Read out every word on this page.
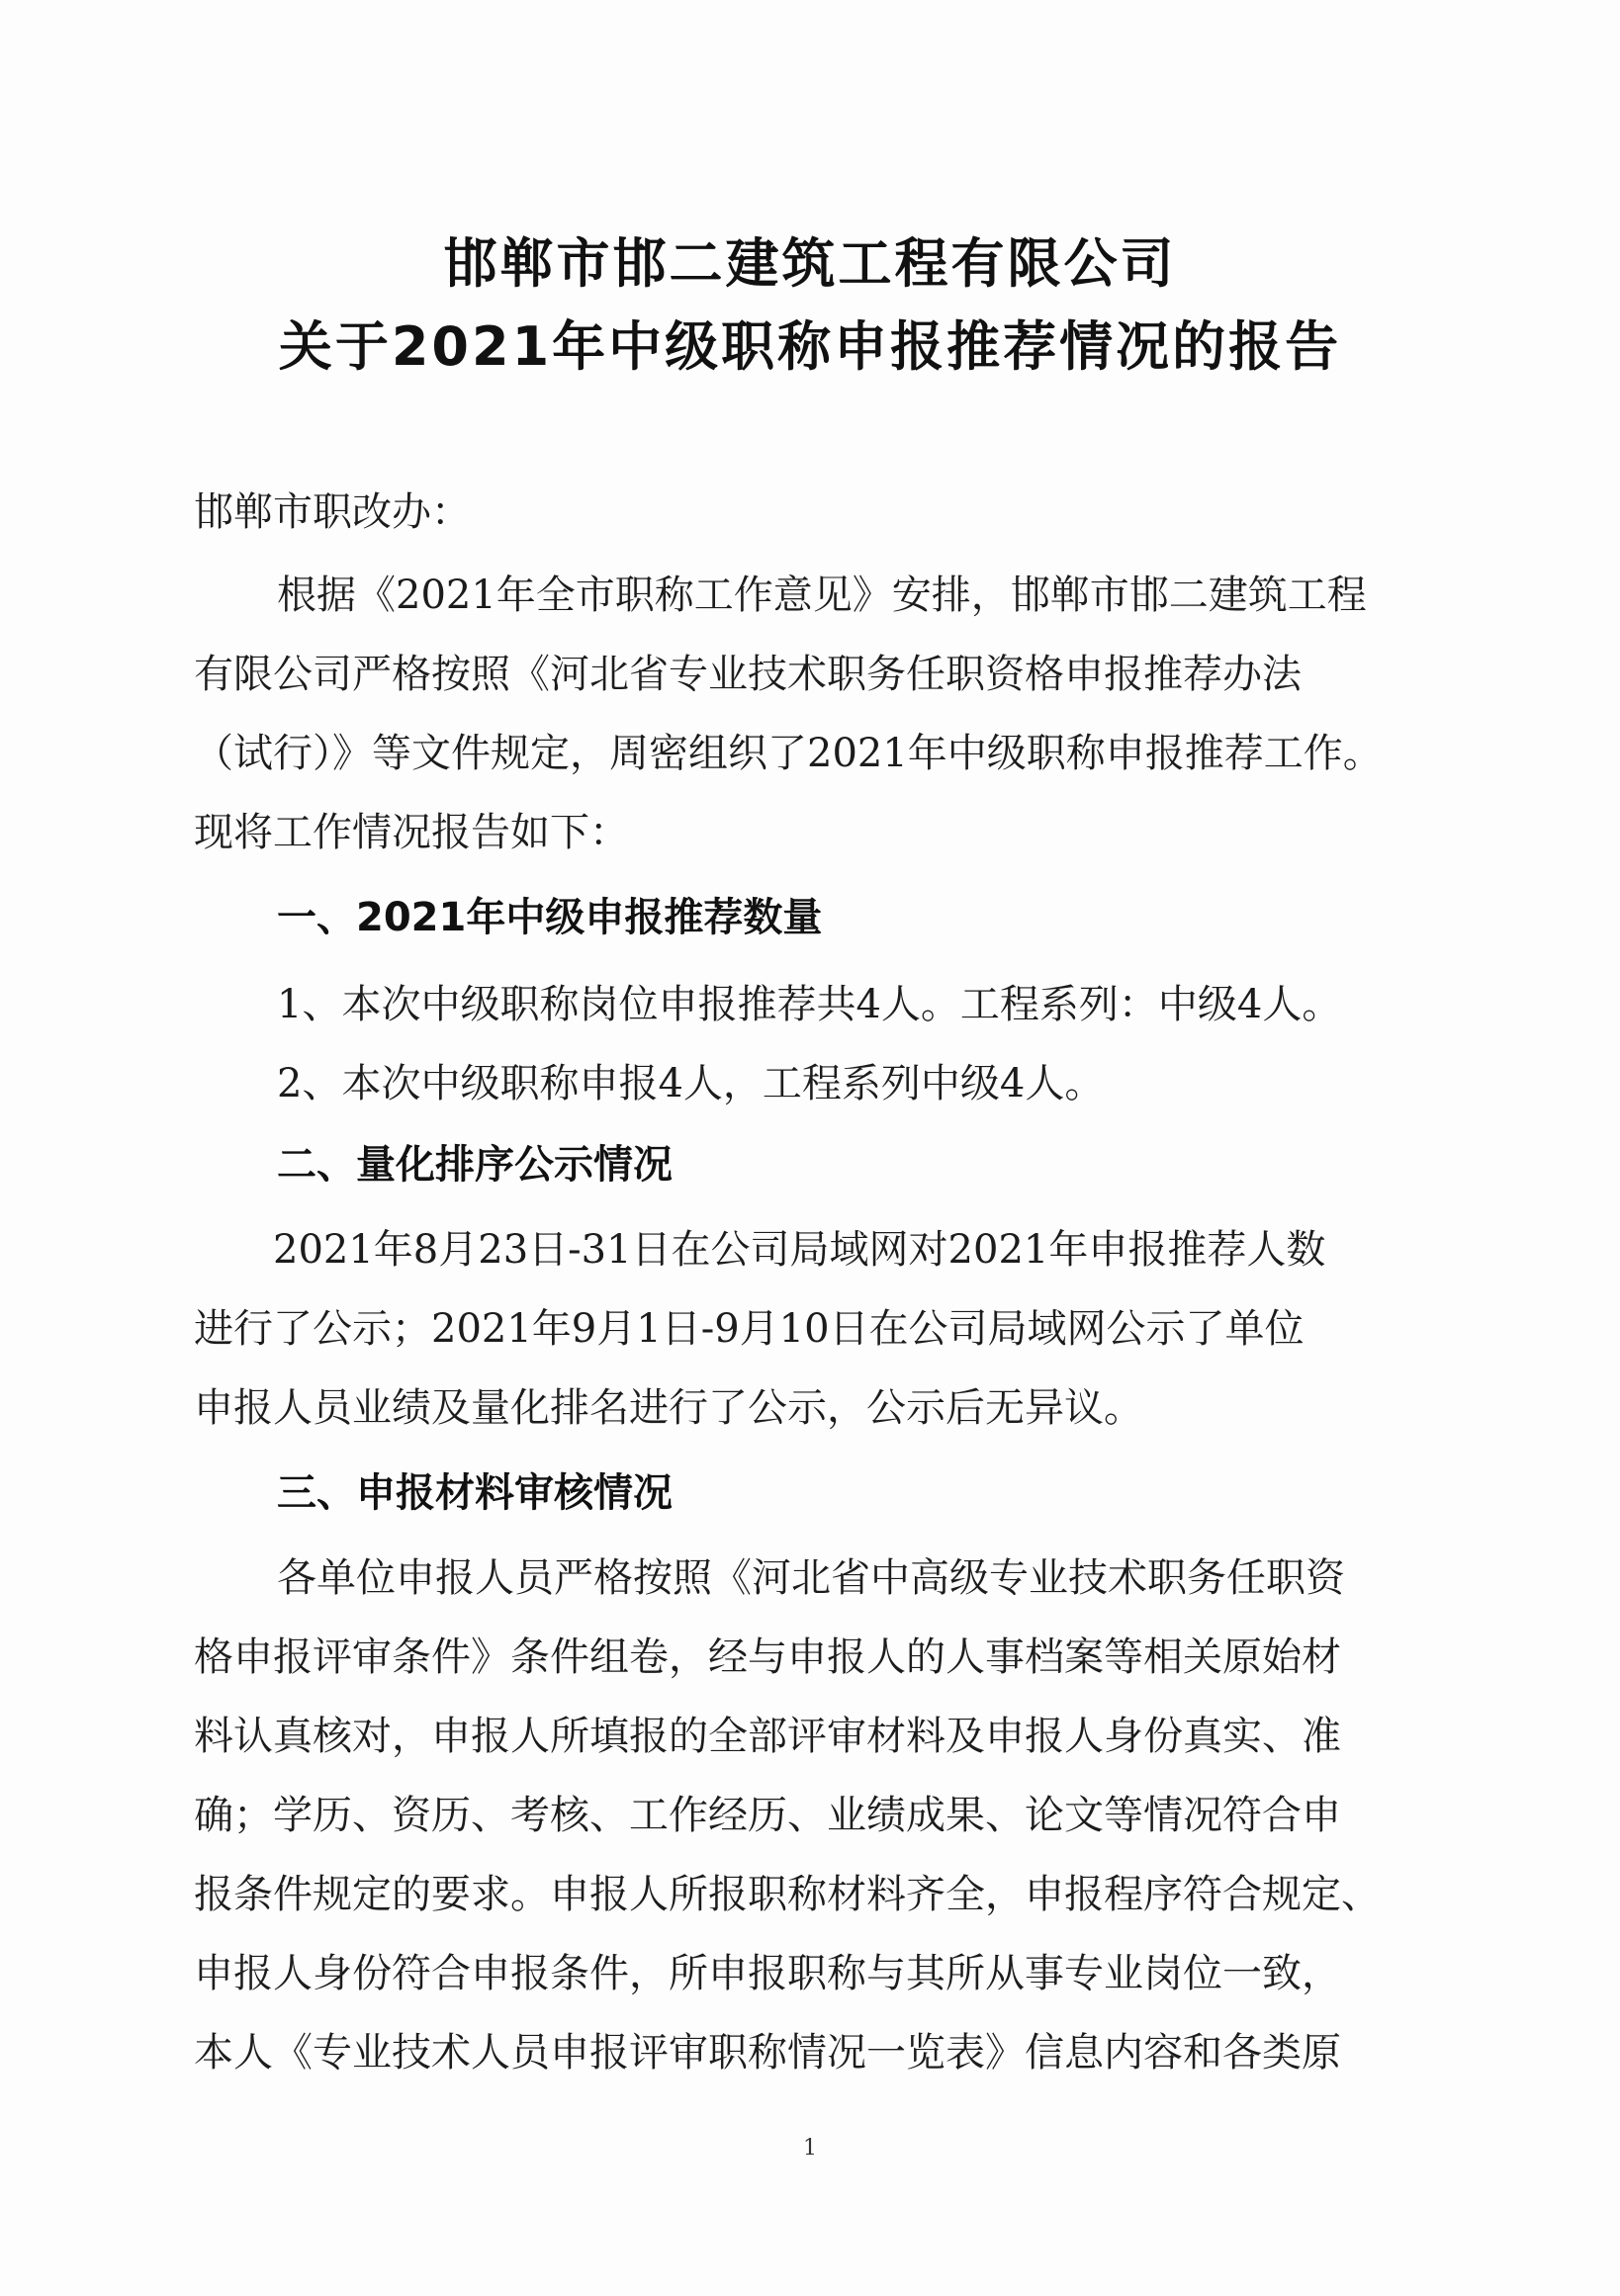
邯郸市邯二建筑工程有限公司
关于2021年中级职称申报推荐情况的报告
邯郸市职改办：
根据《2021年全市职称工作意见》安排，邯郸市邯二建筑工程
有限公司严格按照《河北省专业技术职务任职资格申报推荐办法
（试行）》等文件规定，周密组织了2021年中级职称申报推荐工作。
现将工作情况报告如下：
一、2021年中级申报推荐数量
1、本次中级职称岗位申报推荐共4人。工程系列：中级4人。
2、本次中级职称申报4人，工程系列中级4人。
二、量化排序公示情况
2021年8月23日-31日在公司局域网对2021年申报推荐人数
进行了公示；2021年9月1日-9月10日在公司局域网公示了单位
申报人员业绩及量化排名进行了公示，公示后无异议。
三、申报材料审核情况
各单位申报人员严格按照《河北省中高级专业技术职务任职资
格申报评审条件》条件组卷，经与申报人的人事档案等相关原始材
料认真核对，申报人所填报的全部评审材料及申报人身份真实、准
确；学历、资历、考核、工作经历、业绩成果、论文等情况符合申
报条件规定的要求。申报人所报职称材料齐全，申报程序符合规定、
申报人身份符合申报条件，所申报职称与其所从事专业岗位一致，
本人《专业技术人员申报评审职称情况一览表》信息内容和各类原
1
